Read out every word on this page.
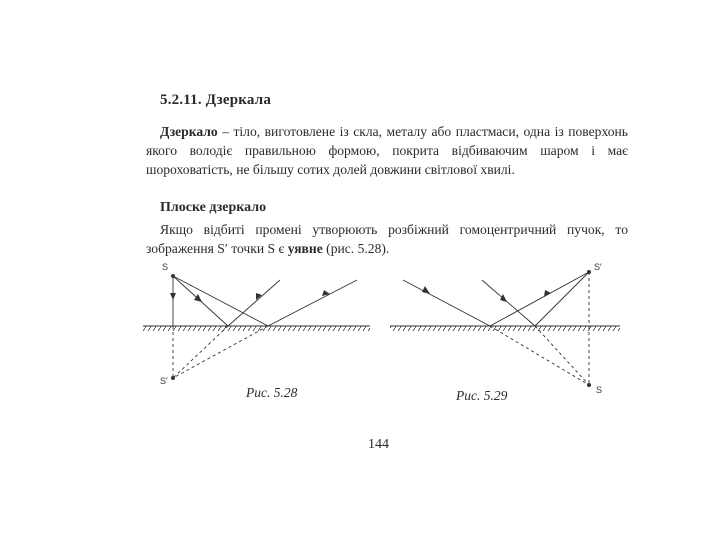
5.2.11. Дзеркала
Дзеркало – тіло, виготовлене із скла, металу або пластмаси, одна із поверхонь якого володіє правильною формою, покрита відбиваючим шаром і має шороховатість, не більшу сотих долей довжини світлової хвилі.
Плоске дзеркало
Якщо відбиті промені утворюють розбіжний гомоцентричний пучок, то зображення S′ точки S є уявне (рис. 5.28).
S
S′
S′
S
Рис. 5.28	Рис. 5.29
144
